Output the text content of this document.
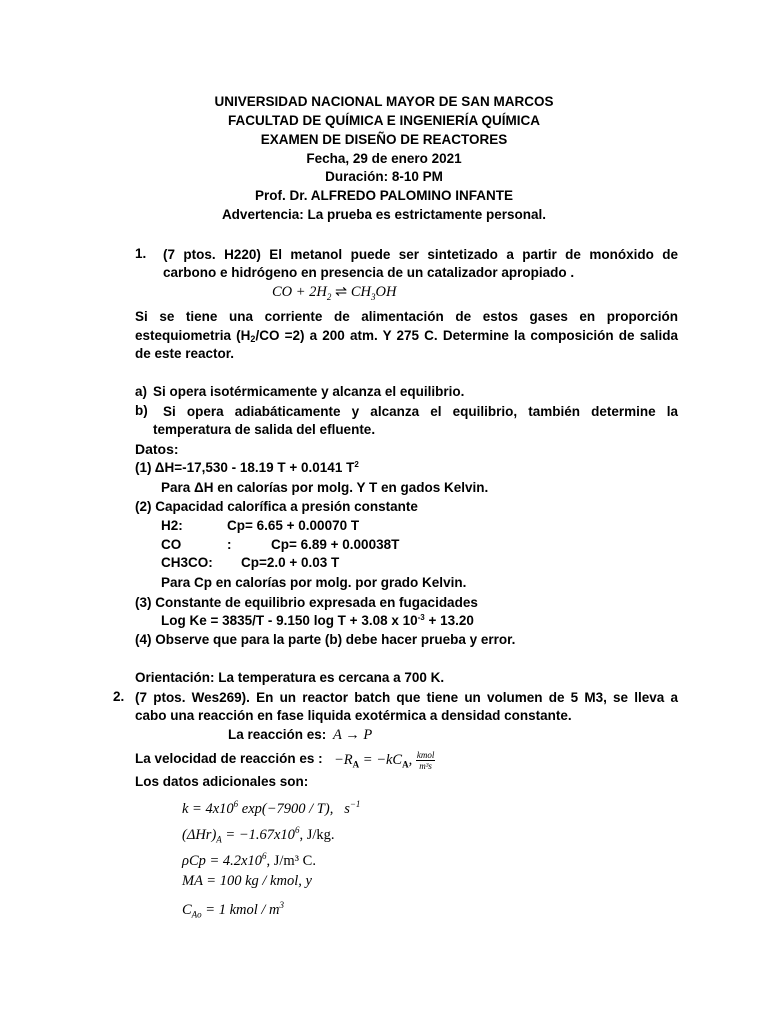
UNIVERSIDAD NACIONAL MAYOR DE SAN MARCOS
FACULTAD DE QUÍMICA E INGENIERÍA QUÍMICA
EXAMEN DE DISEÑO DE REACTORES
Fecha, 29 de enero 2021
Duración: 8-10 PM
Prof. Dr. ALFREDO PALOMINO INFANTE
Advertencia: La prueba es estrictamente personal.
1. (7 ptos. H220) El metanol puede ser sintetizado a partir de monóxido de
carbono e hidrógeno en presencia de un catalizador apropiado .
CO + $2H_2$ ⇌ $CH_3OH$
Si se tiene una corriente de alimentación de estos gases en proporción
estequiometria $(H_2/CO =2)$ a 200 atm. Y 275 C. Determine la composición de salida
de este reactor.
a) Si opera isotérmicamente y alcanza el equilibrio.
b) Si opera adiabáticamente y alcanza el equilibrio, también determine la
temperatura de salida del efluente.
Datos:
(1) ΔH=-17,530 - 18.19 T + 0.0141 $T^2$
Para ΔH en calorías por molg. Y T en gados Kelvin.
(2) Capacidad calorífica a presión constante
H2:	Cp= 6.65 + 0.00070 T
CO	:	Cp= 6.89 + 0.00038T
CH3CO: Cp=2.0 + 0.03 T
Para Cp en calorías por molg. por grado Kelvin.
(3) Constante de equilibrio expresada en fugacidades
Log Ke = 3835/T - 9.150 log T + 3.08 x $10^{-3} + 13.20$
(4) Observe que para la parte (b) debe hacer prueba y error.
Orientación: La temperatura es cercana a 700 K.
2. (7 ptos. Wes269). En un reactor batch que tiene un volumen de 5 M3, se lleva a
cabo una reacción en fase liquida exotérmica a densidad constante.
La reacción es: A → P
La velocidad de reacción es : $-R_A = -kC_A$, $\frac{\text{kmol}}{\text{m³s}}$
Los datos adicionales son:
$k = 4x10^6$ exp(−7900 / T), $s^{-1}$
$(\Delta Hr)_A = -1.67x10^6$, J/kg.
$\rho Cp = 4.2x10^6$, J/m³ C.
MA = 100 kg / kmol, y
$C_{Ao} = 1$ kmol / $m^3$
